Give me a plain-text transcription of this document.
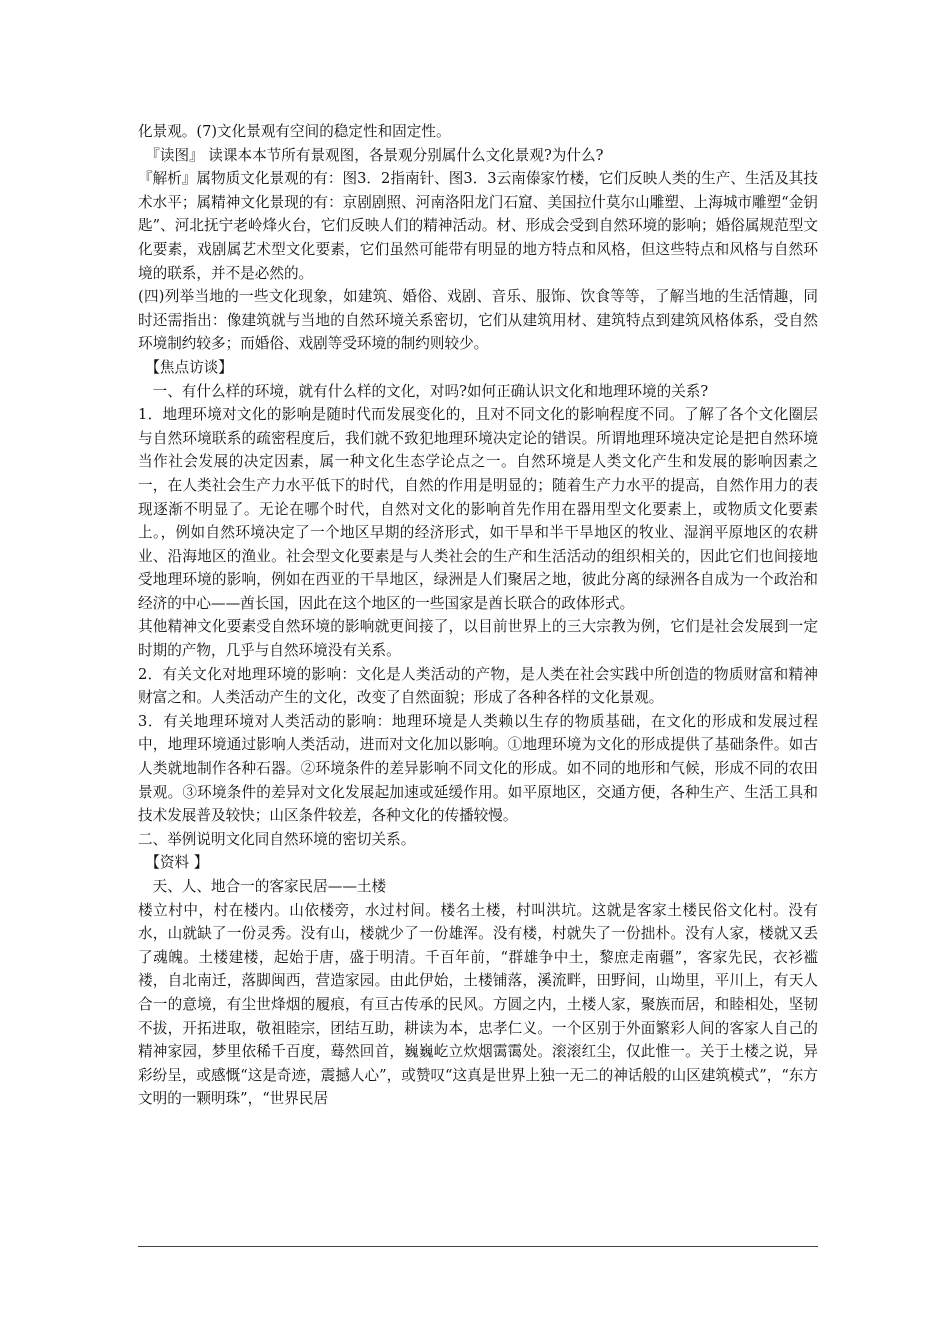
化景观。(7)文化景观有空间的稳定性和固定性。

　『读图』 读课本本节所有景观图，各景观分别属什么文化景观?为什么?

『解析』属物质文化景观的有：图3．2指南针、图3．3云南傣家竹楼，它们反映人类的生产、生活及其技术水平；属精神文化景现的有：京剧剧照、河南洛阳龙门石窟、美国拉什莫尔山雕塑、上海城市雕塑“金钥匙”、河北抚宁老岭烽火台，它们反映人们的精神活动。材、形成会受到自然环境的影响；婚俗属规范型文化要素，戏剧属艺术型文化要素，它们虽然可能带有明显的地方特点和风格，但这些特点和风格与自然环境的联系，并不是必然的。

(四)列举当地的一些文化现象，如建筑、婚俗、戏剧、音乐、服饰、饮食等等，了解当地的生活情趣，同时还需指出：像建筑就与当地的自然环境关系密切，它们从建筑用材、建筑特点到建筑风格体系，受自然环境制约较多；而婚俗、戏剧等受环境的制约则较少。

　【焦点访谈】

　一、有什么样的环境，就有什么样的文化，对吗?如何正确认识文化和地理环境的关系?

1．地理环境对文化的影响是随时代而发展变化的，且对不同文化的影响程度不同。了解了各个文化圈层与自然环境联系的疏密程度后，我们就不致犯地理环境决定论的错误。所谓地理环境决定论是把自然环境当作社会发展的决定因素，属一种文化生态学论点之一。自然环境是人类文化产生和发展的影响因素之一，在人类社会生产力水平低下的时代，自然的作用是明显的；随着生产力水平的提高，自然作用力的表现逐渐不明显了。无论在哪个时代，自然对文化的影响首先作用在器用型文化要素上，或物质文化要素上。，例如自然环境决定了一个地区早期的经济形式，如干旱和半干旱地区的牧业、湿润平原地区的农耕业、沿海地区的渔业。社会型文化要素是与人类社会的生产和生活活动的组织相关的，因此它们也间接地受地理环境的影响，例如在西亚的干旱地区，绿洲是人们聚居之地，彼此分离的绿洲各自成为一个政治和经济的中心——酋长国，因此在这个地区的一些国家是酋长联合的政体形式。

其他精神文化要素受自然环境的影响就更间接了，以目前世界上的三大宗教为例，它们是社会发展到一定时期的产物，几乎与自然环境没有关系。

2．有关文化对地理环境的影响：文化是人类活动的产物，是人类在社会实践中所创造的物质财富和精神财富之和。人类活动产生的文化，改变了自然面貌；形成了各种各样的文化景观。

3．有关地理环境对人类活动的影响：地理环境是人类赖以生存的物质基础，在文化的形成和发展过程中，地理环境通过影响人类活动，进而对文化加以影响。①地理环境为文化的形成提供了基础条件。如古人类就地制作各种石器。②环境条件的差异影响不同文化的形成。如不同的地形和气候，形成不同的农田景观。③环境条件的差异对文化发展起加速或延缓作用。如平原地区，交通方便，各种生产、生活工具和技术发展普及较快；山区条件较差，各种文化的传播较慢。

二、举例说明文化同自然环境的密切关系。

　【资料 】

　天、人、地合一的客家民居——土楼

楼立村中，村在楼内。山依楼旁，水过村间。楼名土楼，村叫洪坑。这就是客家土楼民俗文化村。没有水，山就缺了一份灵秀。没有山，楼就少了一份雄浑。没有楼，村就失了一份拙朴。没有人家，楼就又丢了魂魄。土楼建楼，起始于唐，盛于明清。千百年前，“群雄争中土，黎庶走南疆”，客家先民，衣衫褴褛，自北南迁，落脚闽西，营造家园。由此伊始，土楼铺落，溪流畔，田野间，山坳里，平川上，有天人合一的意境，有尘世烽烟的履痕，有亘古传承的民风。方圆之内，土楼人家，聚族而居，和睦相处，坚韧不拔，开拓进取，敬祖睦宗，团结互助，耕读为本，忠孝仁义。一个区别于外面繁彩人间的客家人自己的精神家园，梦里依稀千百度，蓦然回首，巍巍屹立炊烟霭霭处。滚滚红尘，仅此惟一。关于土楼之说，异彩纷呈，或感慨“这是奇迹，震撼人心”，或赞叹“这真是世界上独一无二的神话般的山区建筑模式”，“东方文明的一颗明珠”，“世界民居
